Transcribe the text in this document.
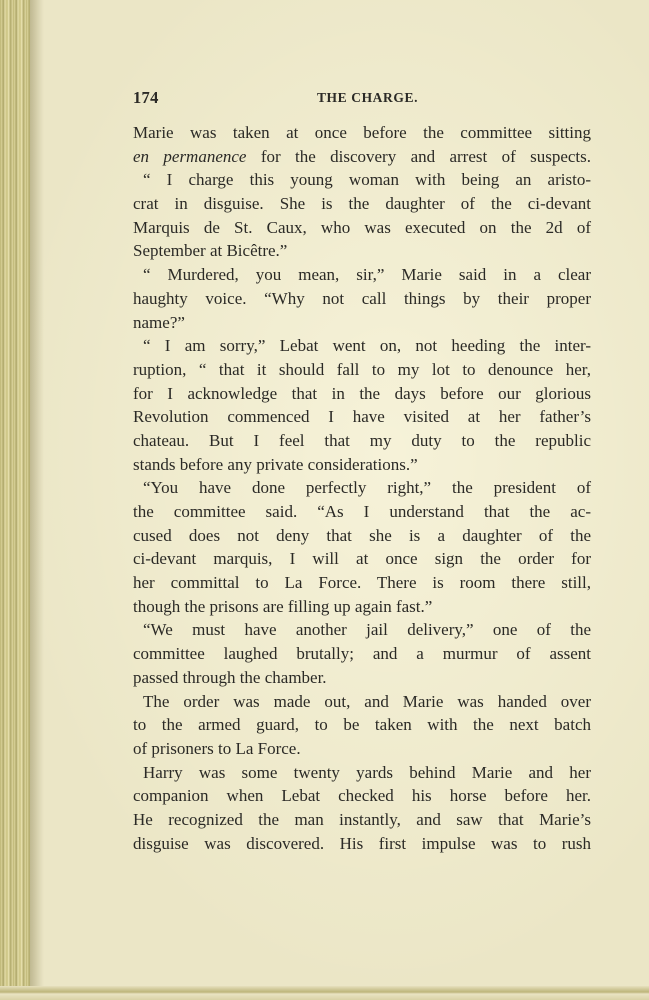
174	THE CHARGE.
Marie was taken at once before the committee sitting
en permanence for the discovery and arrest of suspects.
“ I charge this young woman with being an aristo-
crat in disguise. She is the daughter of the ci-devant
Marquis de St. Caux, who was executed on the 2d of
September at Bicêtre.”
“ Murdered, you mean, sir,” Marie said in a clear
haughty voice. “Why not call things by their proper
name?”
“ I am sorry,” Lebat went on, not heeding the inter-
ruption, “ that it should fall to my lot to denounce her,
for I acknowledge that in the days before our glorious
Revolution commenced I have visited at her father’s
chateau. But I feel that my duty to the republic
stands before any private considerations.”
“You have done perfectly right,” the president of
the committee said. “As I understand that the ac-
cused does not deny that she is a daughter of the
ci-devant marquis, I will at once sign the order for
her committal to La Force. There is room there still,
though the prisons are filling up again fast.”
“We must have another jail delivery,” one of the
committee laughed brutally; and a murmur of assent
passed through the chamber.
The order was made out, and Marie was handed over
to the armed guard, to be taken with the next batch
of prisoners to La Force.
Harry was some twenty yards behind Marie and her
companion when Lebat checked his horse before her.
He recognized the man instantly, and saw that Marie’s
disguise was discovered. His first impulse was to rush
